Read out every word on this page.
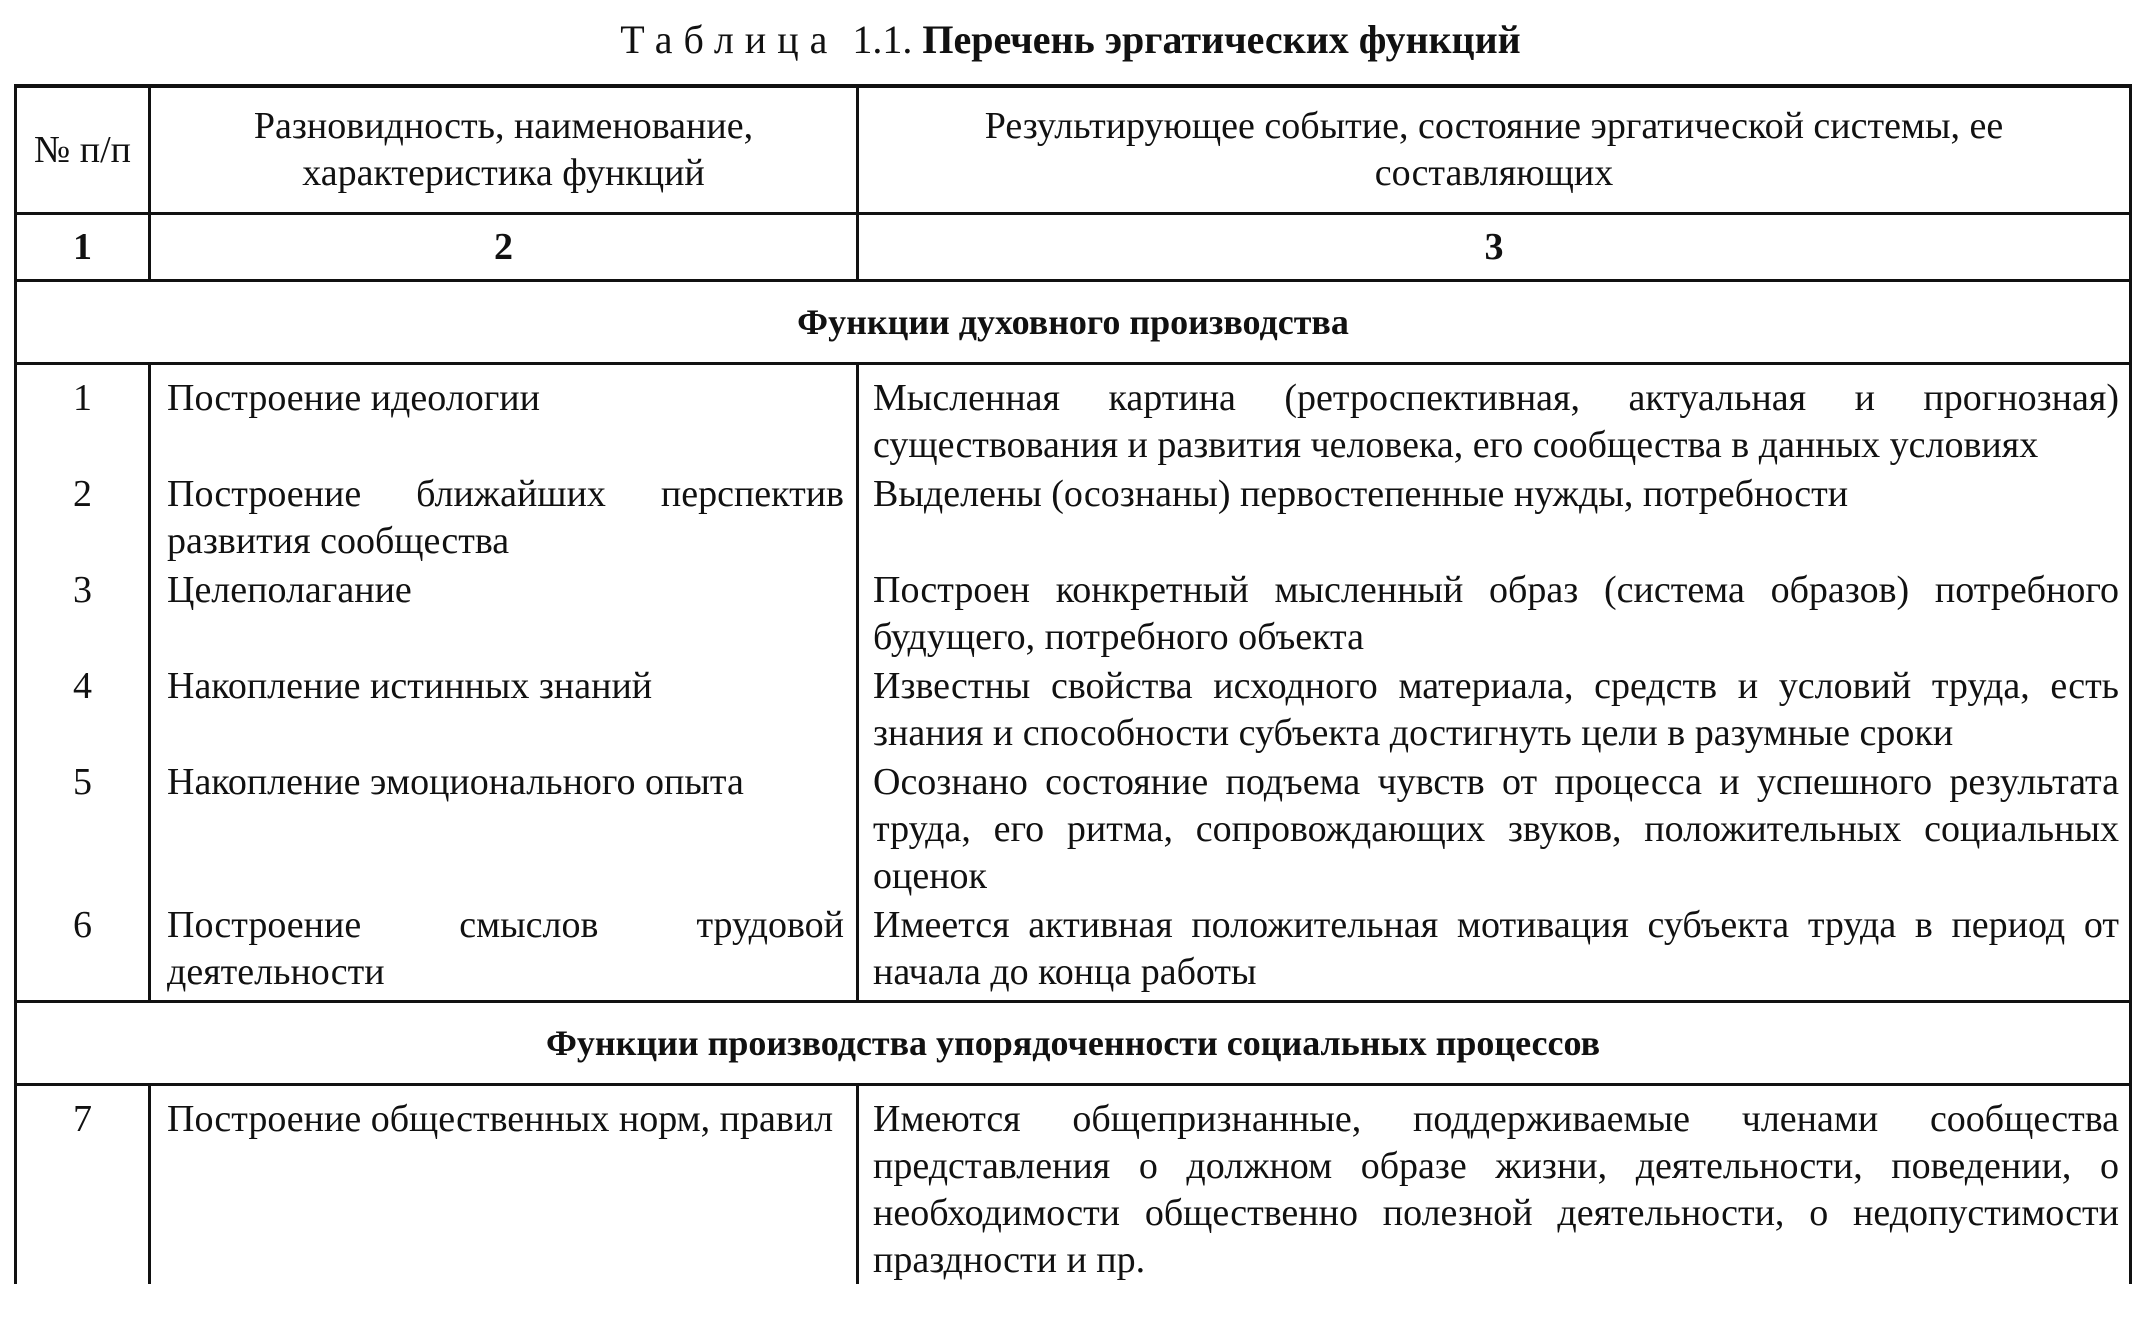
Таблица 1.1. Перечень эргатических функций
№ п/п	Разновидность, наименование, характеристика функций	Результирующее событие, состояние эргатической системы, ее составляющих
1	2	3
Функции духовного производства		
1	Построение идеологии	Мысленная картина (ретроспективная, актуальная и прогнозная) существования и развития человека, его сообщества в данных условиях
2	Построение ближайших перспектив развития сообщества	Выделены (осознаны) первостепенные нужды, потребности
3	Целеполагание	Построен конкретный мысленный образ (система образов) потребного будущего, потребного объекта
4	Накопление истинных знаний	Известны свойства исходного материала, средств и условий труда, есть знания и способности субъекта достигнуть цели в разумные сроки
5	Накопление эмоционального опыта	Осознано состояние подъема чувств от процесса и успешного результата труда, его ритма, сопровождающих звуков, положительных социальных оценок
6	Построение смыслов трудовой деятельности	Имеется активная положительная мотивация субъекта труда в период от начала до конца работы
Функции производства упорядоченности социальных процессов		
7	Построение общественных норм, правил	Имеются общепризнанные, поддерживаемые членами сообщества представления о должном образе жизни, деятельности, поведении, о необходимости общественно полезной деятельности, о недопустимости праздности и пр.
